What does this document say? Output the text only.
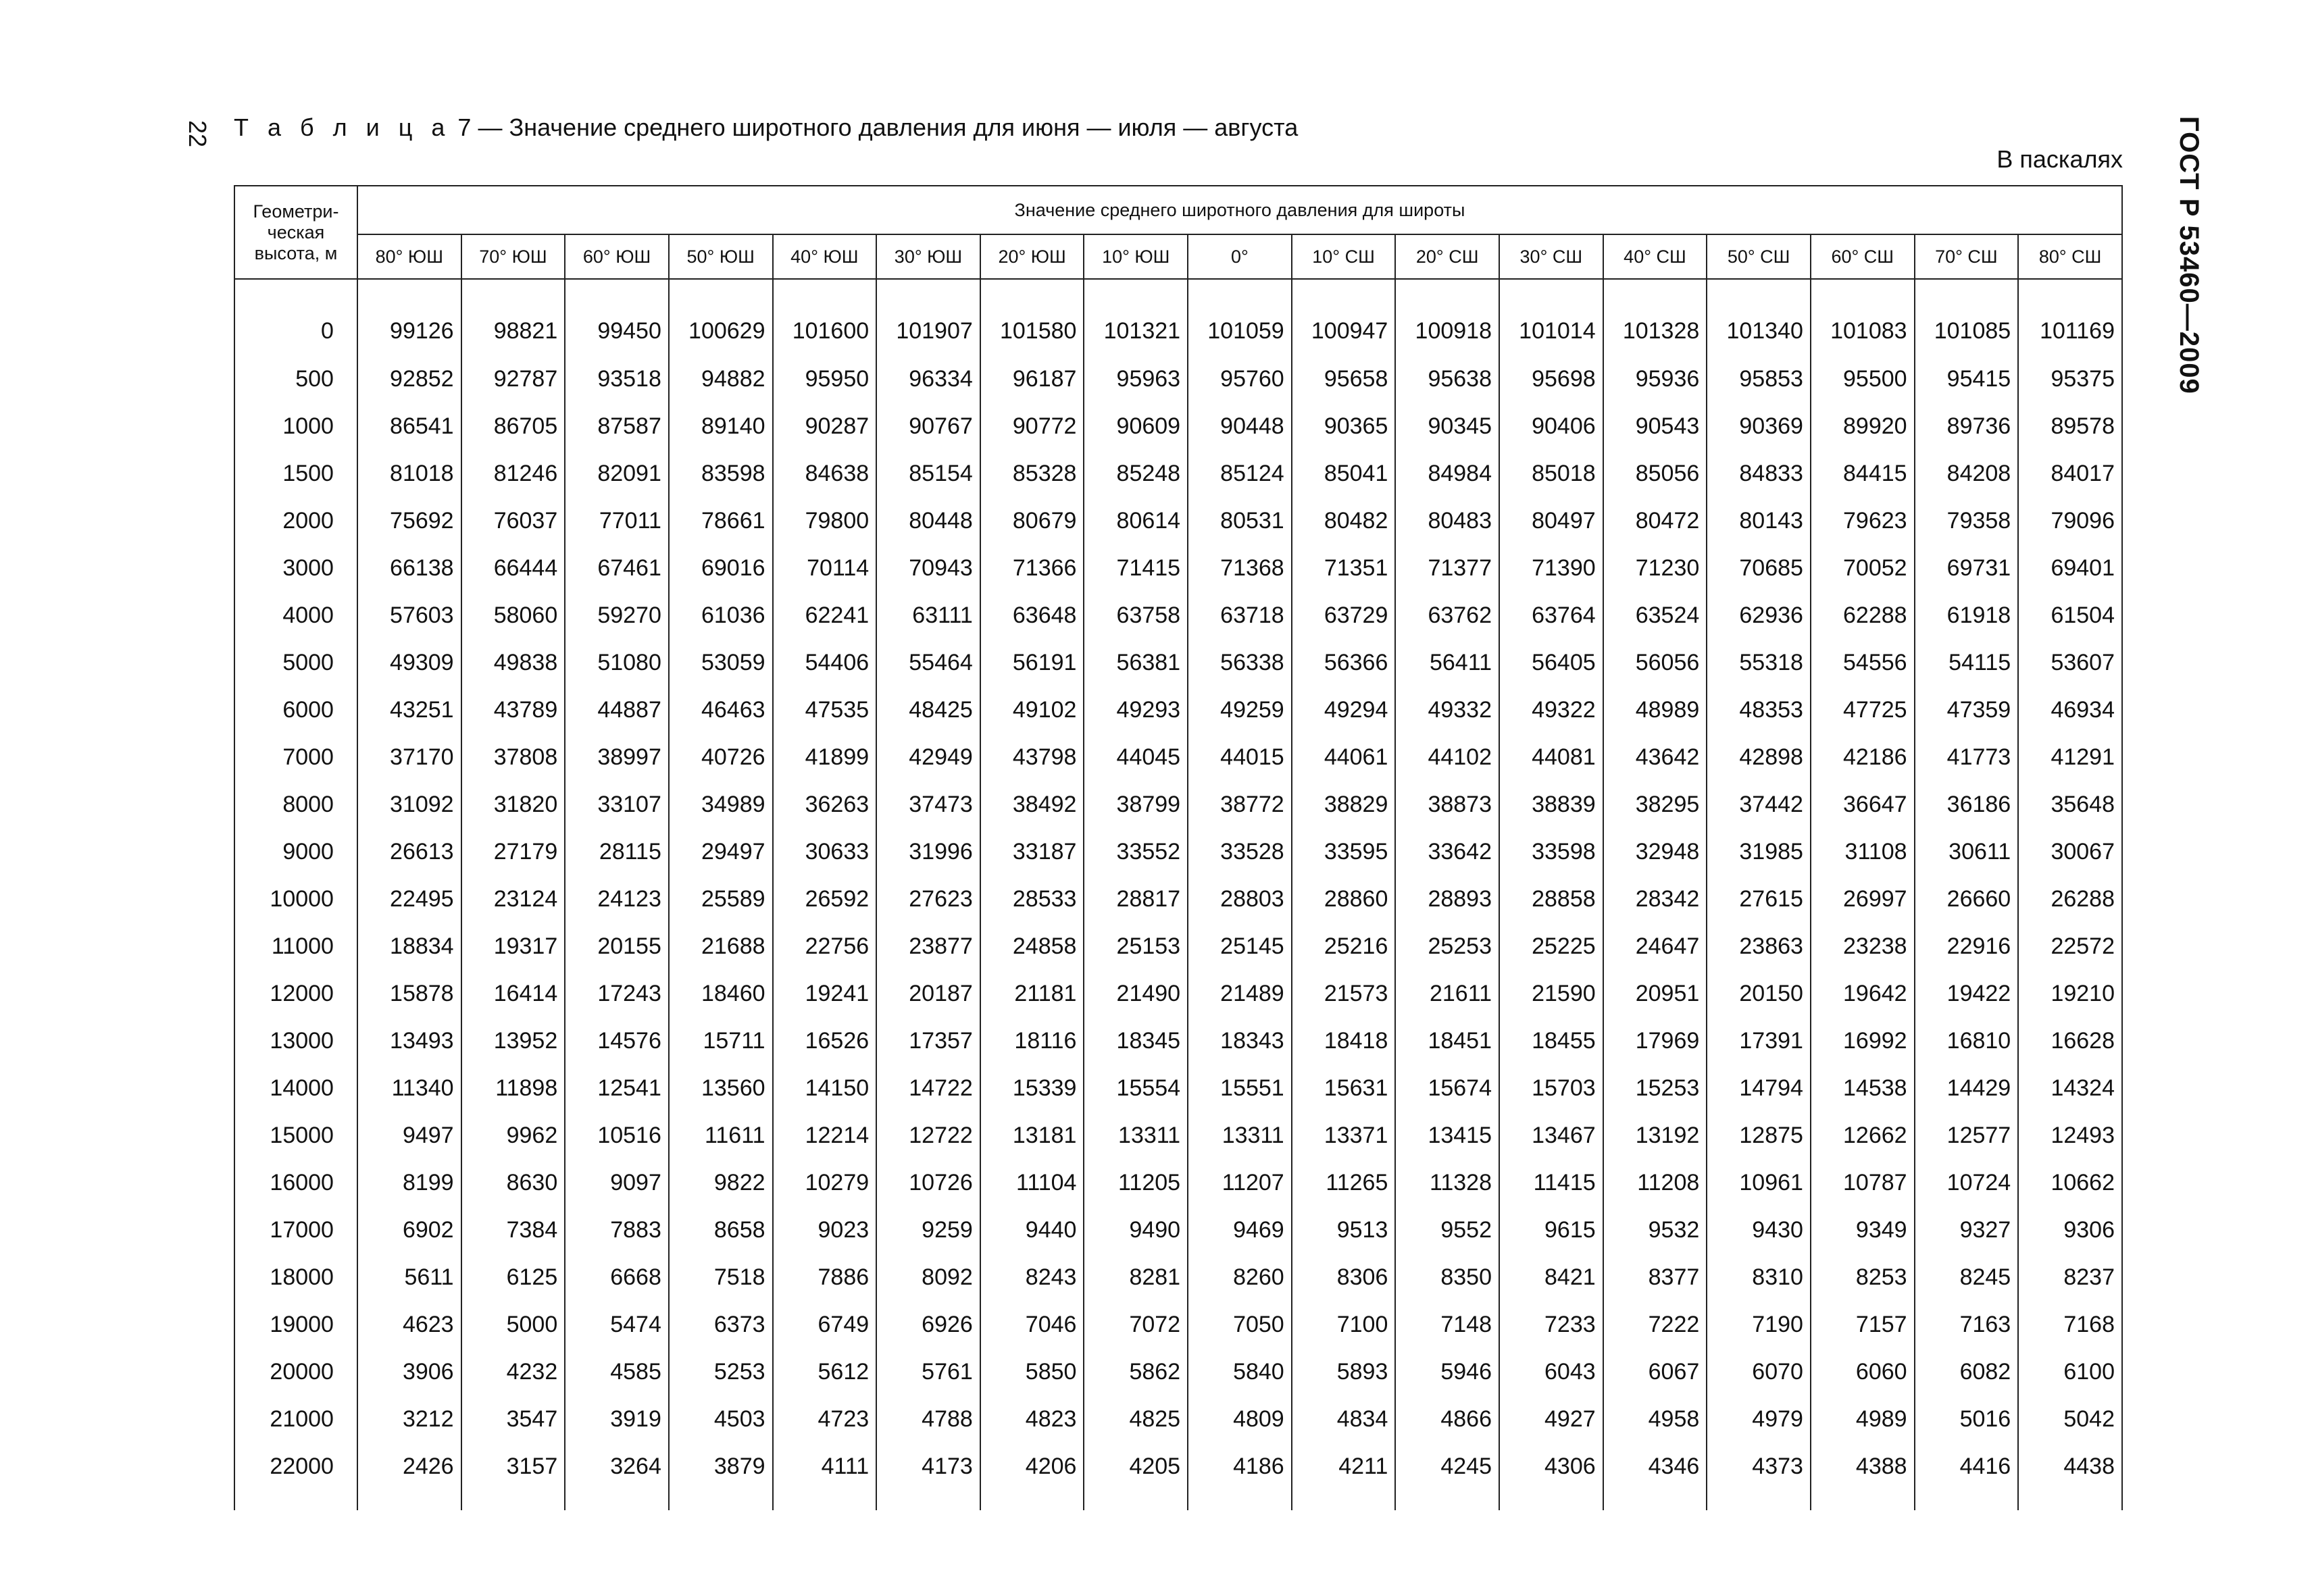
22	ГОСТ Р 53460—2009
Т а б л и ц а 7 — Значение среднего широтного давления для июня — июля — августа
В паскалях
Геометри-ческая высота, м	Значение среднего широтного давления для широты																
	80° ЮШ	70° ЮШ	60° ЮШ	50° ЮШ	40° ЮШ	30° ЮШ	20° ЮШ	10° ЮШ	0°	10° СШ	20° СШ	30° СШ	40° СШ	50° СШ	60° СШ	70° СШ	80° СШ
0	99126	98821	99450	100629	101600	101907	101580	101321	101059	100947	100918	101014	101328	101340	101083	101085	101169
500	92852	92787	93518	94882	95950	96334	96187	95963	95760	95658	95638	95698	95936	95853	95500	95415	95375
1000	86541	86705	87587	89140	90287	90767	90772	90609	90448	90365	90345	90406	90543	90369	89920	89736	89578
1500	81018	81246	82091	83598	84638	85154	85328	85248	85124	85041	84984	85018	85056	84833	84415	84208	84017
2000	75692	76037	77011	78661	79800	80448	80679	80614	80531	80482	80483	80497	80472	80143	79623	79358	79096
3000	66138	66444	67461	69016	70114	70943	71366	71415	71368	71351	71377	71390	71230	70685	70052	69731	69401
4000	57603	58060	59270	61036	62241	63111	63648	63758	63718	63729	63762	63764	63524	62936	62288	61918	61504
5000	49309	49838	51080	53059	54406	55464	56191	56381	56338	56366	56411	56405	56056	55318	54556	54115	53607
6000	43251	43789	44887	46463	47535	48425	49102	49293	49259	49294	49332	49322	48989	48353	47725	47359	46934
7000	37170	37808	38997	40726	41899	42949	43798	44045	44015	44061	44102	44081	43642	42898	42186	41773	41291
8000	31092	31820	33107	34989	36263	37473	38492	38799	38772	38829	38873	38839	38295	37442	36647	36186	35648
9000	26613	27179	28115	29497	30633	31996	33187	33552	33528	33595	33642	33598	32948	31985	31108	30611	30067
10000	22495	23124	24123	25589	26592	27623	28533	28817	28803	28860	28893	28858	28342	27615	26997	26660	26288
11000	18834	19317	20155	21688	22756	23877	24858	25153	25145	25216	25253	25225	24647	23863	23238	22916	22572
12000	15878	16414	17243	18460	19241	20187	21181	21490	21489	21573	21611	21590	20951	20150	19642	19422	19210
13000	13493	13952	14576	15711	16526	17357	18116	18345	18343	18418	18451	18455	17969	17391	16992	16810	16628
14000	11340	11898	12541	13560	14150	14722	15339	15554	15551	15631	15674	15703	15253	14794	14538	14429	14324
15000	9497	9962	10516	11611	12214	12722	13181	13311	13311	13371	13415	13467	13192	12875	12662	12577	12493
16000	8199	8630	9097	9822	10279	10726	11104	11205	11207	11265	11328	11415	11208	10961	10787	10724	10662
17000	6902	7384	7883	8658	9023	9259	9440	9490	9469	9513	9552	9615	9532	9430	9349	9327	9306
18000	5611	6125	6668	7518	7886	8092	8243	8281	8260	8306	8350	8421	8377	8310	8253	8245	8237
19000	4623	5000	5474	6373	6749	6926	7046	7072	7050	7100	7148	7233	7222	7190	7157	7163	7168
20000	3906	4232	4585	5253	5612	5761	5850	5862	5840	5893	5946	6043	6067	6070	6060	6082	6100
21000	3212	3547	3919	4503	4723	4788	4823	4825	4809	4834	4866	4927	4958	4979	4989	5016	5042
22000	2426	3157	3264	3879	4111	4173	4206	4205	4186	4211	4245	4306	4346	4373	4388	4416	4438
